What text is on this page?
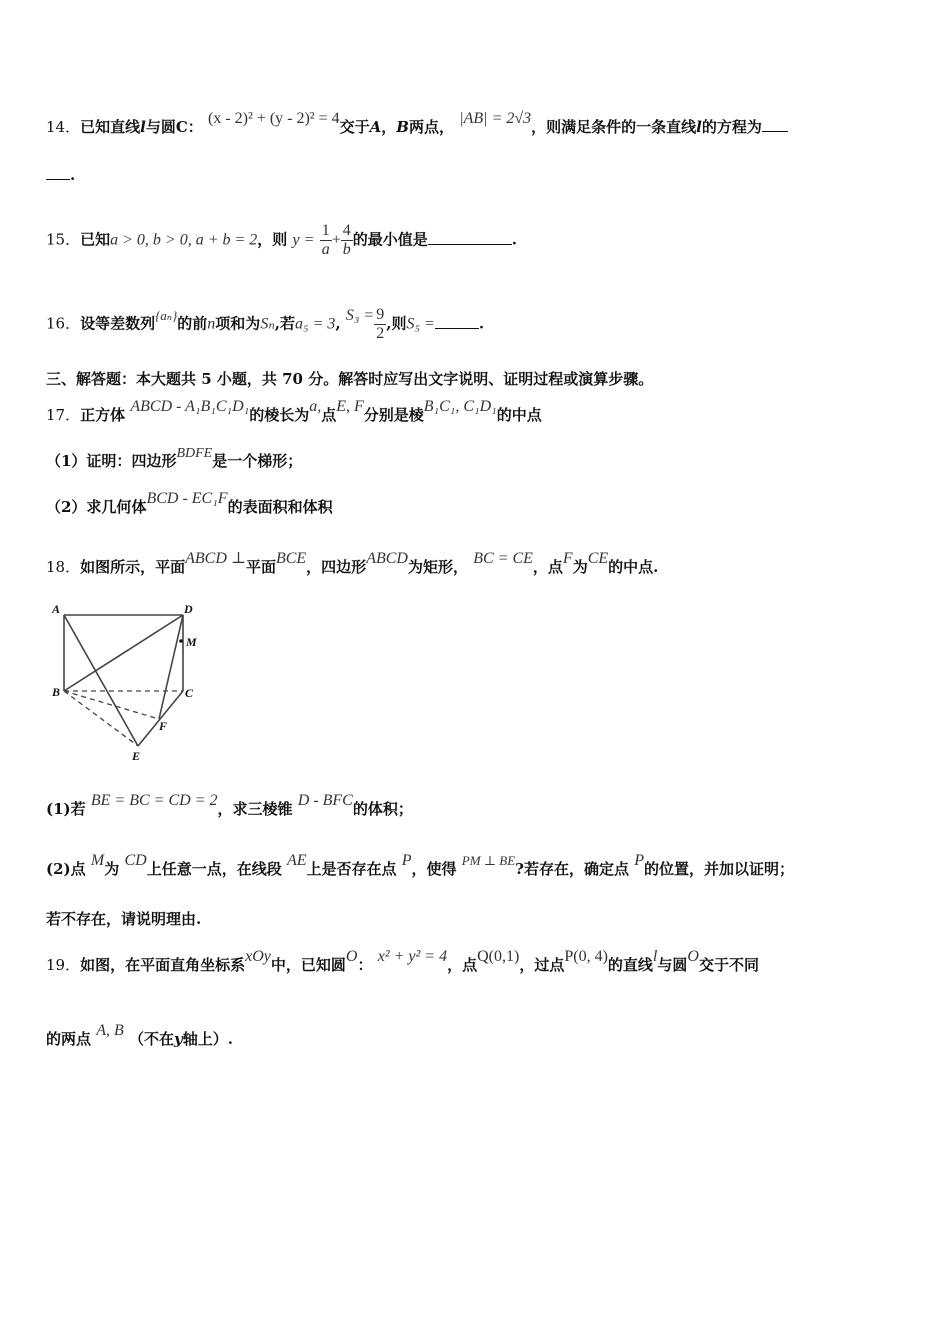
14．已知直线l与圆C： (x - 2)² + (y - 2)² = 4交于A，B两点， |AB| = 2√3，则满足条件的一条直线l的方程为
.
15．已知a > 0, b > 0, a + b = 2，则 $y = \frac{1}{a} + \frac{4}{b}$ 的最小值是	.
16．设等差数列{aₙ}的前n项和为Sₙ,若a₅ = 3, $S_3 = \frac{9}{2}$ ,则S₅ =	.
三、解答题：本大题共 5 小题，共 70 分。解答时应写出文字说明、证明过程或演算步骤。
17．正方体 ABCD - A₁B₁C₁D₁的棱长为a,点E, F分别是棱B₁C₁, C₁D₁的中点
（1）证明：四边形BDFE是一个梯形；
（2）求几何体BCD - EC₁F的表面积和体积
18．如图所示，平面ABCD ⊥平面BCE，四边形ABCD为矩形， BC = CE，点F为CE的中点.
A	D
M
B	C
F
E
(1)若 BE = BC = CD = 2，求三棱锥 D - BFC的体积；
(2)点 M为 CD上任意一点，在线段 AE上是否存在点 P，使得 PM ⊥ BE?若存在，确定点 P的位置，并加以证明；
若不存在，请说明理由.
19．如图，在平面直角坐标系xOy中，已知圆O： x² + y² = 4，点Q(0,1)，过点P(0, 4)的直线l与圆O交于不同
的两点 A, B （不在y轴上）.
